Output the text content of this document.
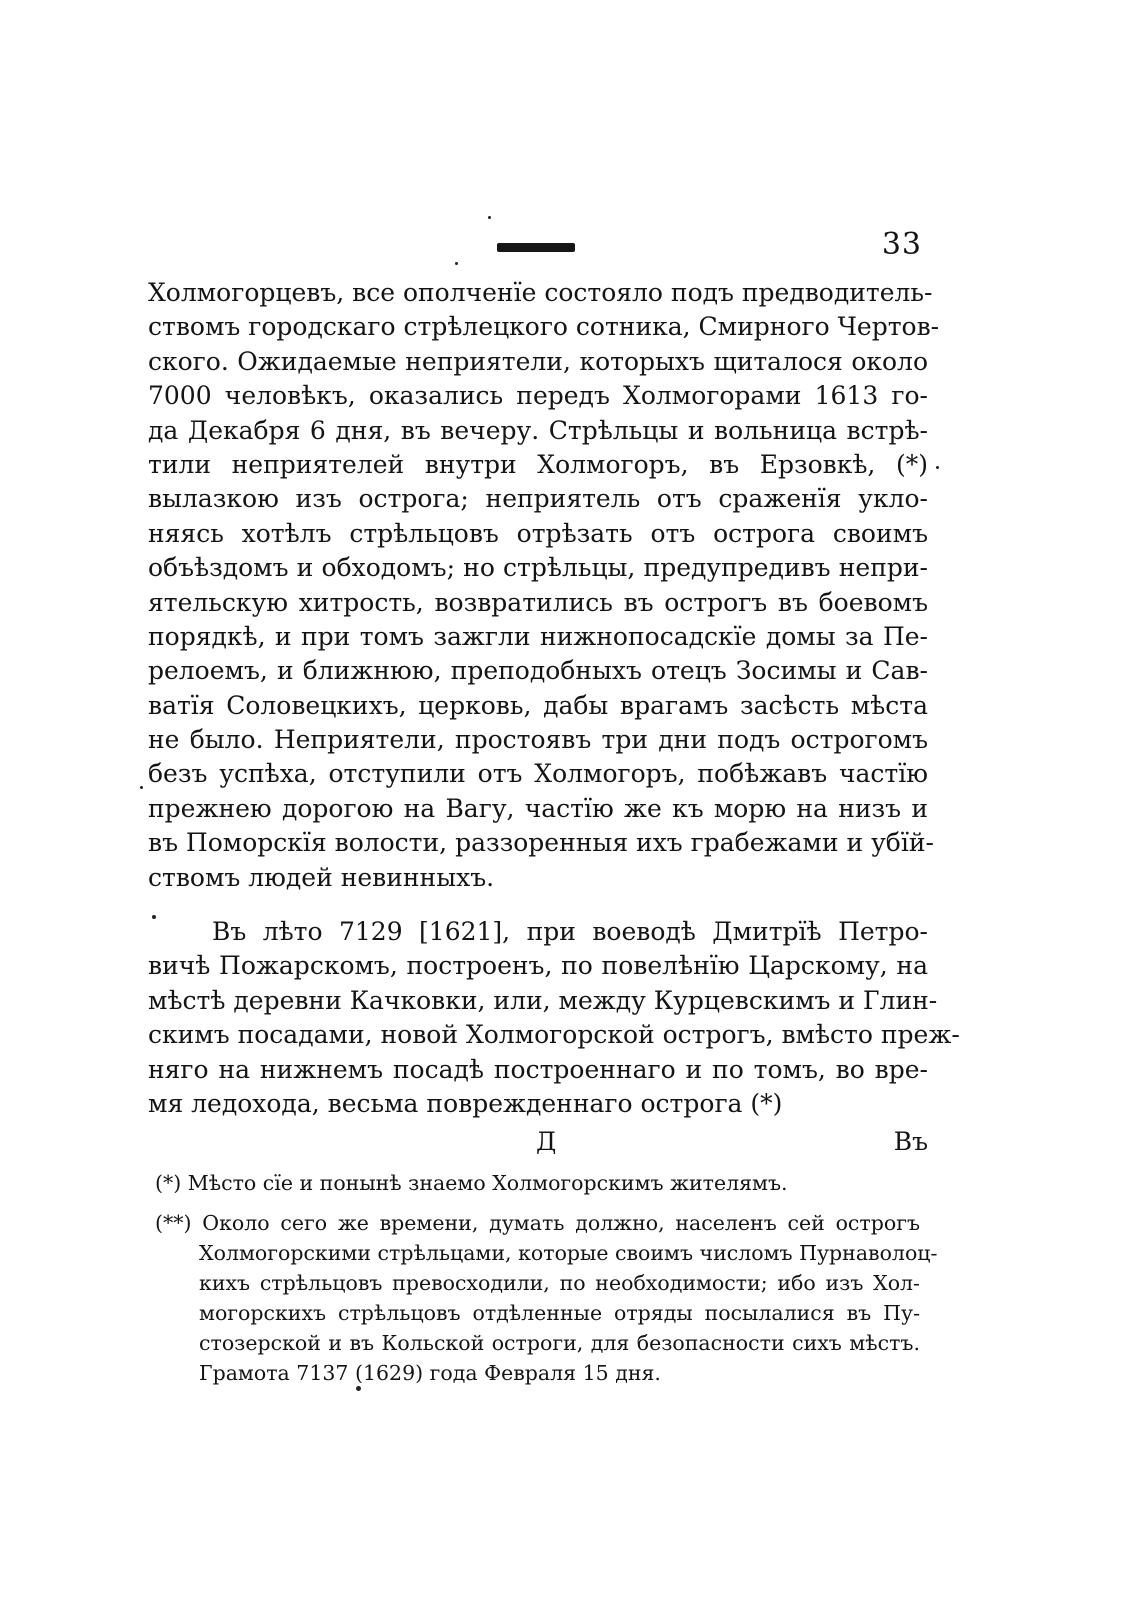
33
Холмогорцевъ, все ополченїе состояло подъ предводитель-
ствомъ городскаго стрѣлецкого сотника, Смирного Чертов-
ского. Ожидаемые неприятели, которыхъ щиталося около
7000 человѣкъ, оказались передъ Холмогорами 1613 го-
да Декабря 6 дня, въ вечеру. Стрѣльцы и вольница встрѣ-
тили неприятелей внутри Холмогоръ, въ Ерзовкѣ, (*)
вылазкою изъ острога; неприятель отъ сраженїя укло-
няясь хотѣлъ стрѣльцовъ отрѣзать отъ острога своимъ
объѣздомъ и обходомъ; но стрѣльцы, предупредивъ непри-
ятельскую хитрость, возвратились въ острогъ въ боевомъ
порядкѣ, и при томъ зажгли нижнопосадскїе домы за Пе-
релоемъ, и ближнюю, преподобныхъ отецъ Зосимы и Сав-
ватїя Соловецкихъ, церковь, дабы врагамъ засѣсть мѣста
не было. Неприятели, простоявъ три дни подъ острогомъ
безъ успѣха, отступили отъ Холмогоръ, побѣжавъ частїю
прежнею дорогою на Вагу, частїю же къ морю на низъ и
въ Поморскїя волости, раззоренныя ихъ грабежами и убїй-
ствомъ людей невинныхъ.
Въ лѣто 7129 [1621], при воеводѣ Дмитрїѣ Петро-
вичѣ Пожарскомъ, построенъ, по повелѣнїю Царскому, на
мѣстѣ деревни Качковки, или, между Курцевскимъ и Глин-
скимъ посадами, новой Холмогорской острогъ, вмѣсто преж-
няго на нижнемъ посадѣ построеннаго и по томъ, во вре-
мя ледохода, весьма поврежденнаго острога (*)
Д	Въ
(*) Мѣсто сїе и понынѣ знаемо Холмогорскимъ жителямъ.
(**) Около сего же времени, думать должно, населенъ сей острогъ
Холмогорскими стрѣльцами, которые своимъ числомъ Пурнаволоц-
кихъ стрѣльцовъ превосходили, по необходимости; ибо изъ Хол-
могорскихъ стрѣльцовъ отдѣленные отряды посылалися въ Пу-
стозерской и въ Кольской остроги, для безопасности сихъ мѣстъ.
Грамота 7137 (1629) года Февраля 15 дня.
